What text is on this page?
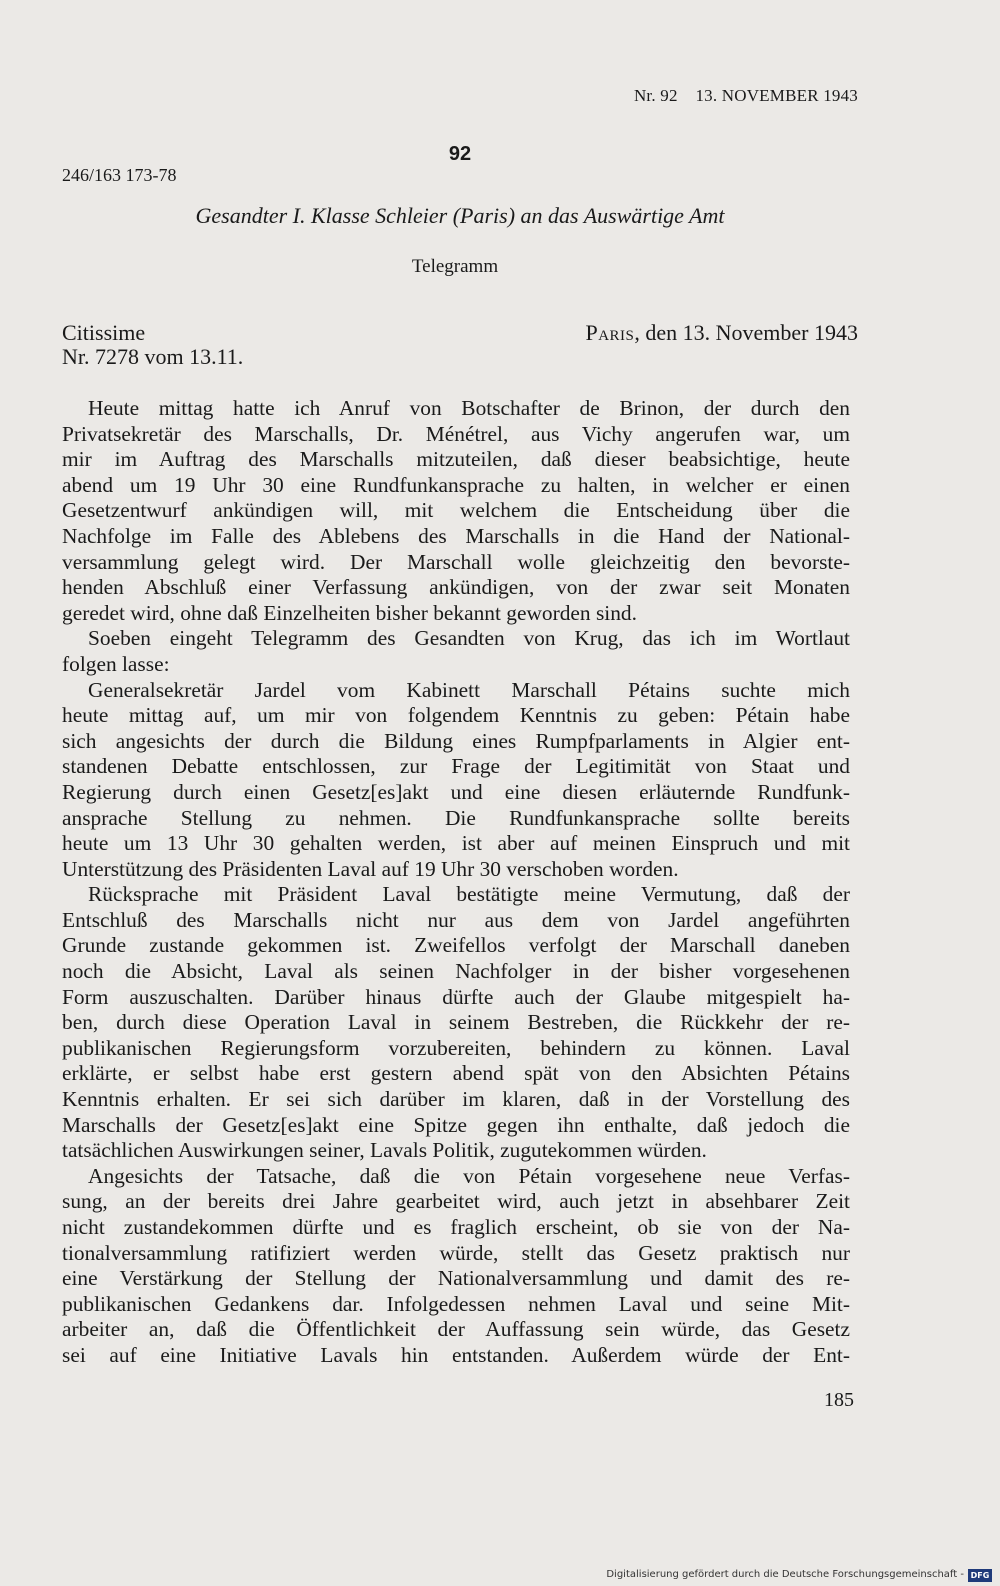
Nr. 92    13. NOVEMBER 1943
92
246/163 173-78
Gesandter I. Klasse Schleier (Paris) an das Auswärtige Amt
Telegramm
Citissime	Paris, den 13. November 1943
Nr. 7278 vom 13.11.
Heute mittag hatte ich Anruf von Botschafter de Brinon, der durch den
Privatsekretär des Marschalls, Dr. Ménétrel, aus Vichy angerufen war, um
mir im Auftrag des Marschalls mitzuteilen, daß dieser beabsichtige, heute
abend um 19 Uhr 30 eine Rundfunkansprache zu halten, in welcher er einen
Gesetzentwurf ankündigen will, mit welchem die Entscheidung über die
Nachfolge im Falle des Ablebens des Marschalls in die Hand der National-
versammlung gelegt wird. Der Marschall wolle gleichzeitig den bevorste-
henden Abschluß einer Verfassung ankündigen, von der zwar seit Monaten
geredet wird, ohne daß Einzelheiten bisher bekannt geworden sind.
Soeben eingeht Telegramm des Gesandten von Krug, das ich im Wortlaut
folgen lasse:
Generalsekretär Jardel vom Kabinett Marschall Pétains suchte mich
heute mittag auf, um mir von folgendem Kenntnis zu geben: Pétain habe
sich angesichts der durch die Bildung eines Rumpfparlaments in Algier ent-
standenen Debatte entschlossen, zur Frage der Legitimität von Staat und
Regierung durch einen Gesetz[es]akt und eine diesen erläuternde Rundfunk-
ansprache Stellung zu nehmen. Die Rundfunkansprache sollte bereits
heute um 13 Uhr 30 gehalten werden, ist aber auf meinen Einspruch und mit
Unterstützung des Präsidenten Laval auf 19 Uhr 30 verschoben worden.
Rücksprache mit Präsident Laval bestätigte meine Vermutung, daß der
Entschluß des Marschalls nicht nur aus dem von Jardel angeführten
Grunde zustande gekommen ist. Zweifellos verfolgt der Marschall daneben
noch die Absicht, Laval als seinen Nachfolger in der bisher vorgesehenen
Form auszuschalten. Darüber hinaus dürfte auch der Glaube mitgespielt ha-
ben, durch diese Operation Laval in seinem Bestreben, die Rückkehr der re-
publikanischen Regierungsform vorzubereiten, behindern zu können. Laval
erklärte, er selbst habe erst gestern abend spät von den Absichten Pétains
Kenntnis erhalten. Er sei sich darüber im klaren, daß in der Vorstellung des
Marschalls der Gesetz[es]akt eine Spitze gegen ihn enthalte, daß jedoch die
tatsächlichen Auswirkungen seiner, Lavals Politik, zugutekommen würden.
Angesichts der Tatsache, daß die von Pétain vorgesehene neue Verfas-
sung, an der bereits drei Jahre gearbeitet wird, auch jetzt in absehbarer Zeit
nicht zustandekommen dürfte und es fraglich erscheint, ob sie von der Na-
tionalversammlung ratifiziert werden würde, stellt das Gesetz praktisch nur
eine Verstärkung der Stellung der Nationalversammlung und damit des re-
publikanischen Gedankens dar. Infolgedessen nehmen Laval und seine Mit-
arbeiter an, daß die Öffentlichkeit der Auffassung sein würde, das Gesetz
sei auf eine Initiative Lavals hin entstanden. Außerdem würde der Ent-
185
Digitalisierung gefördert durch die Deutsche Forschungsgemeinschaft - DFG
